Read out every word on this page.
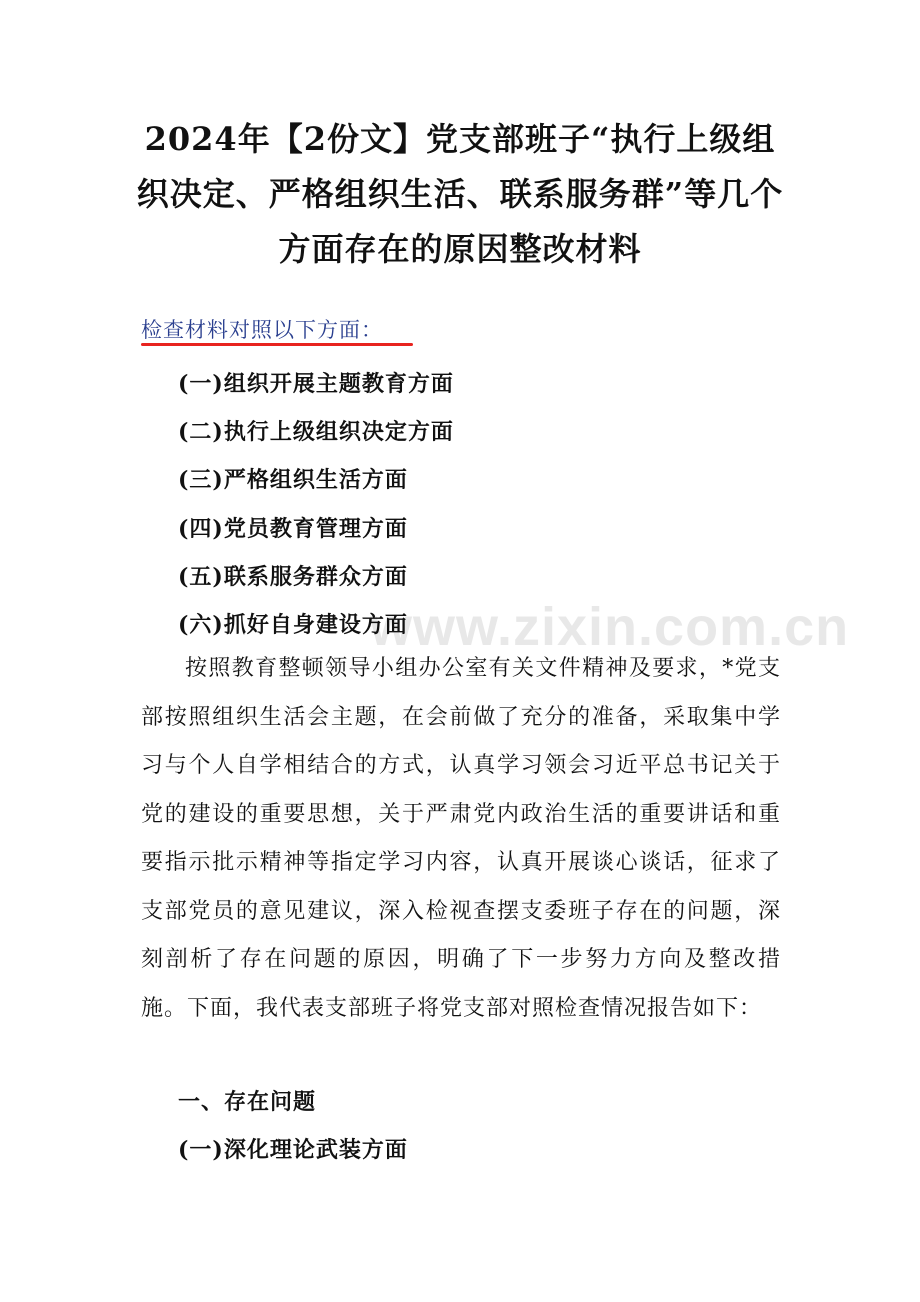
www.zixin.com.cn
2024年【2份文】党支部班子“执行上级组织决定、严格组织生活、联系服务群”等几个方面存在的原因整改材料
检查材料对照以下方面：
(一)组织开展主题教育方面
(二)执行上级组织决定方面
(三)严格组织生活方面
(四)党员教育管理方面
(五)联系服务群众方面
(六)抓好自身建设方面

按照教育整顿领导小组办公室有关文件精神及要求，*党支部按照组织生活会主题，在会前做了充分的准备，采取集中学习与个人自学相结合的方式，认真学习领会习近平总书记关于党的建设的重要思想，关于严肃党内政治生活的重要讲话和重要指示批示精神等指定学习内容，认真开展谈心谈话，征求了支部党员的意见建议，深入检视查摆支委班子存在的问题，深刻剖析了存在问题的原因，明确了下一步努力方向及整改措施。下面，我代表支部班子将党支部对照检查情况报告如下：

一、存在问题
(一)深化理论武装方面
